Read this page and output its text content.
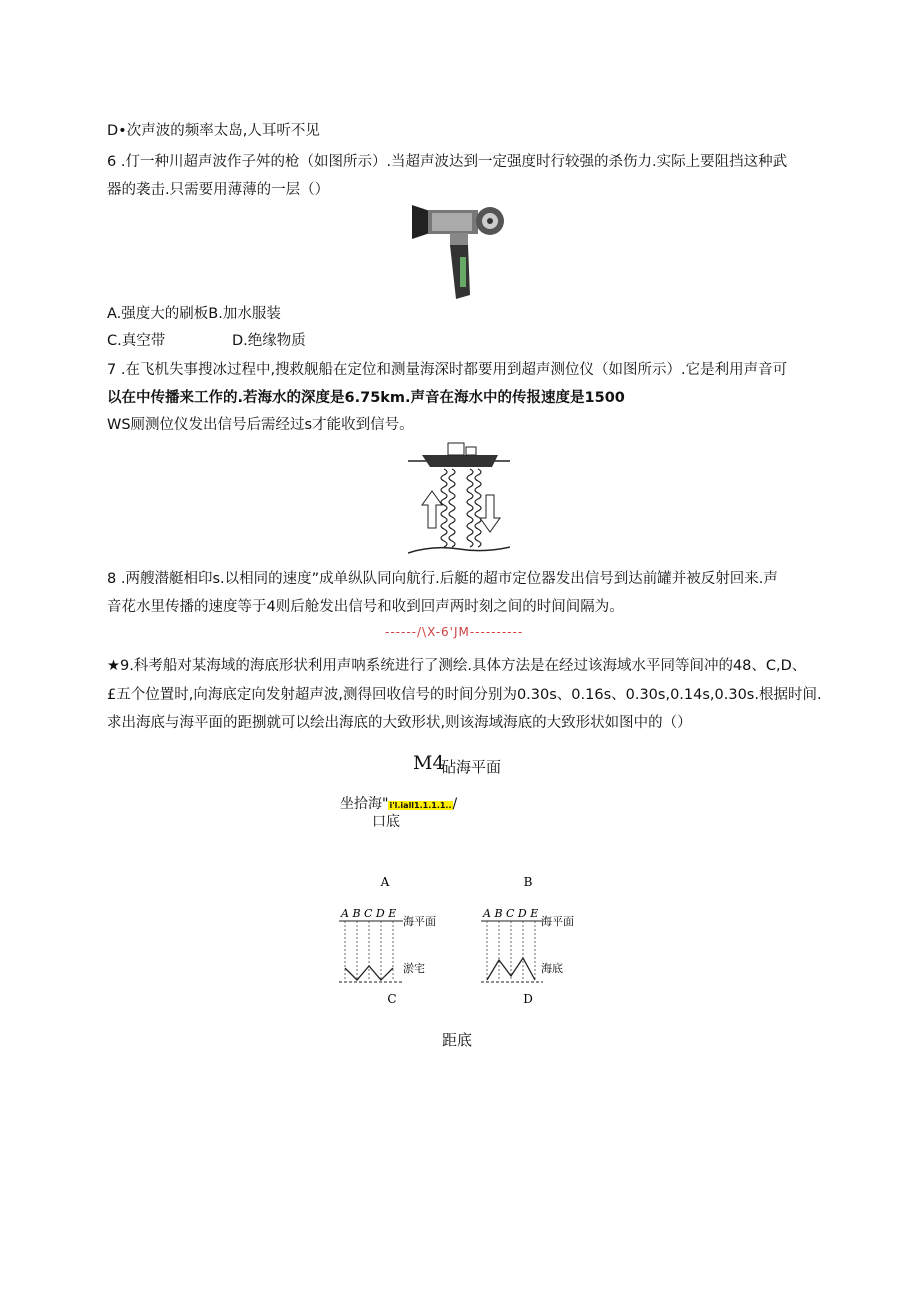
D•次声波的频率太岛,人耳听不见
6 .仃一种川超声波作子舛的枪（如图所示）.当超声波达到一定强度时行较强的杀伤力.实际上要阻挡这种武
器的袭击.只需要用薄薄的一层（）
A.强度大的刷板B.加水服装
C.真空带	D.绝缘物质
7 .在飞机失事搜冰过程中,搜救舰船在定位和测量海深时都要用到超声测位仪（如图所示）.它是利用声音可
以在中传播来工作的.若海水的深度是6.75km.声音在海水中的传报速度是1500
WS厕测位仪发出信号后需经过s才能收到信号。
8 .两艘潜艇相印s.以相同的速度”成单纵队同向航行.后艇的超市定位器发出信号到达前罐并被反射回来.声
音花水里传播的速度等于4则后舱发出信号和收到回声两时刻之间的时间间隔为。
------/\X-6'JM----------
★9.科考船对某海域的海底形状利用声呐系统进行了测绘.具体方法是在经过该海域水平同等间冲的48、C,D、
£五个位置时,向海底定向发射超声波,测得回收信号的时间分别为0.30s、0.16s、0.30s,0.14s,0.30s.根据时间.
求出海底与海平面的距捌就可以绘出海底的大致形状,则该海域海底的大致形状如图中的（）
M4
砧海平面
坐拾海"i'l.iall1.1.1.1../
口底
A	B
A B C D E
海平面
淤宅
A B C D E
海平面
海底
C	D
距底
